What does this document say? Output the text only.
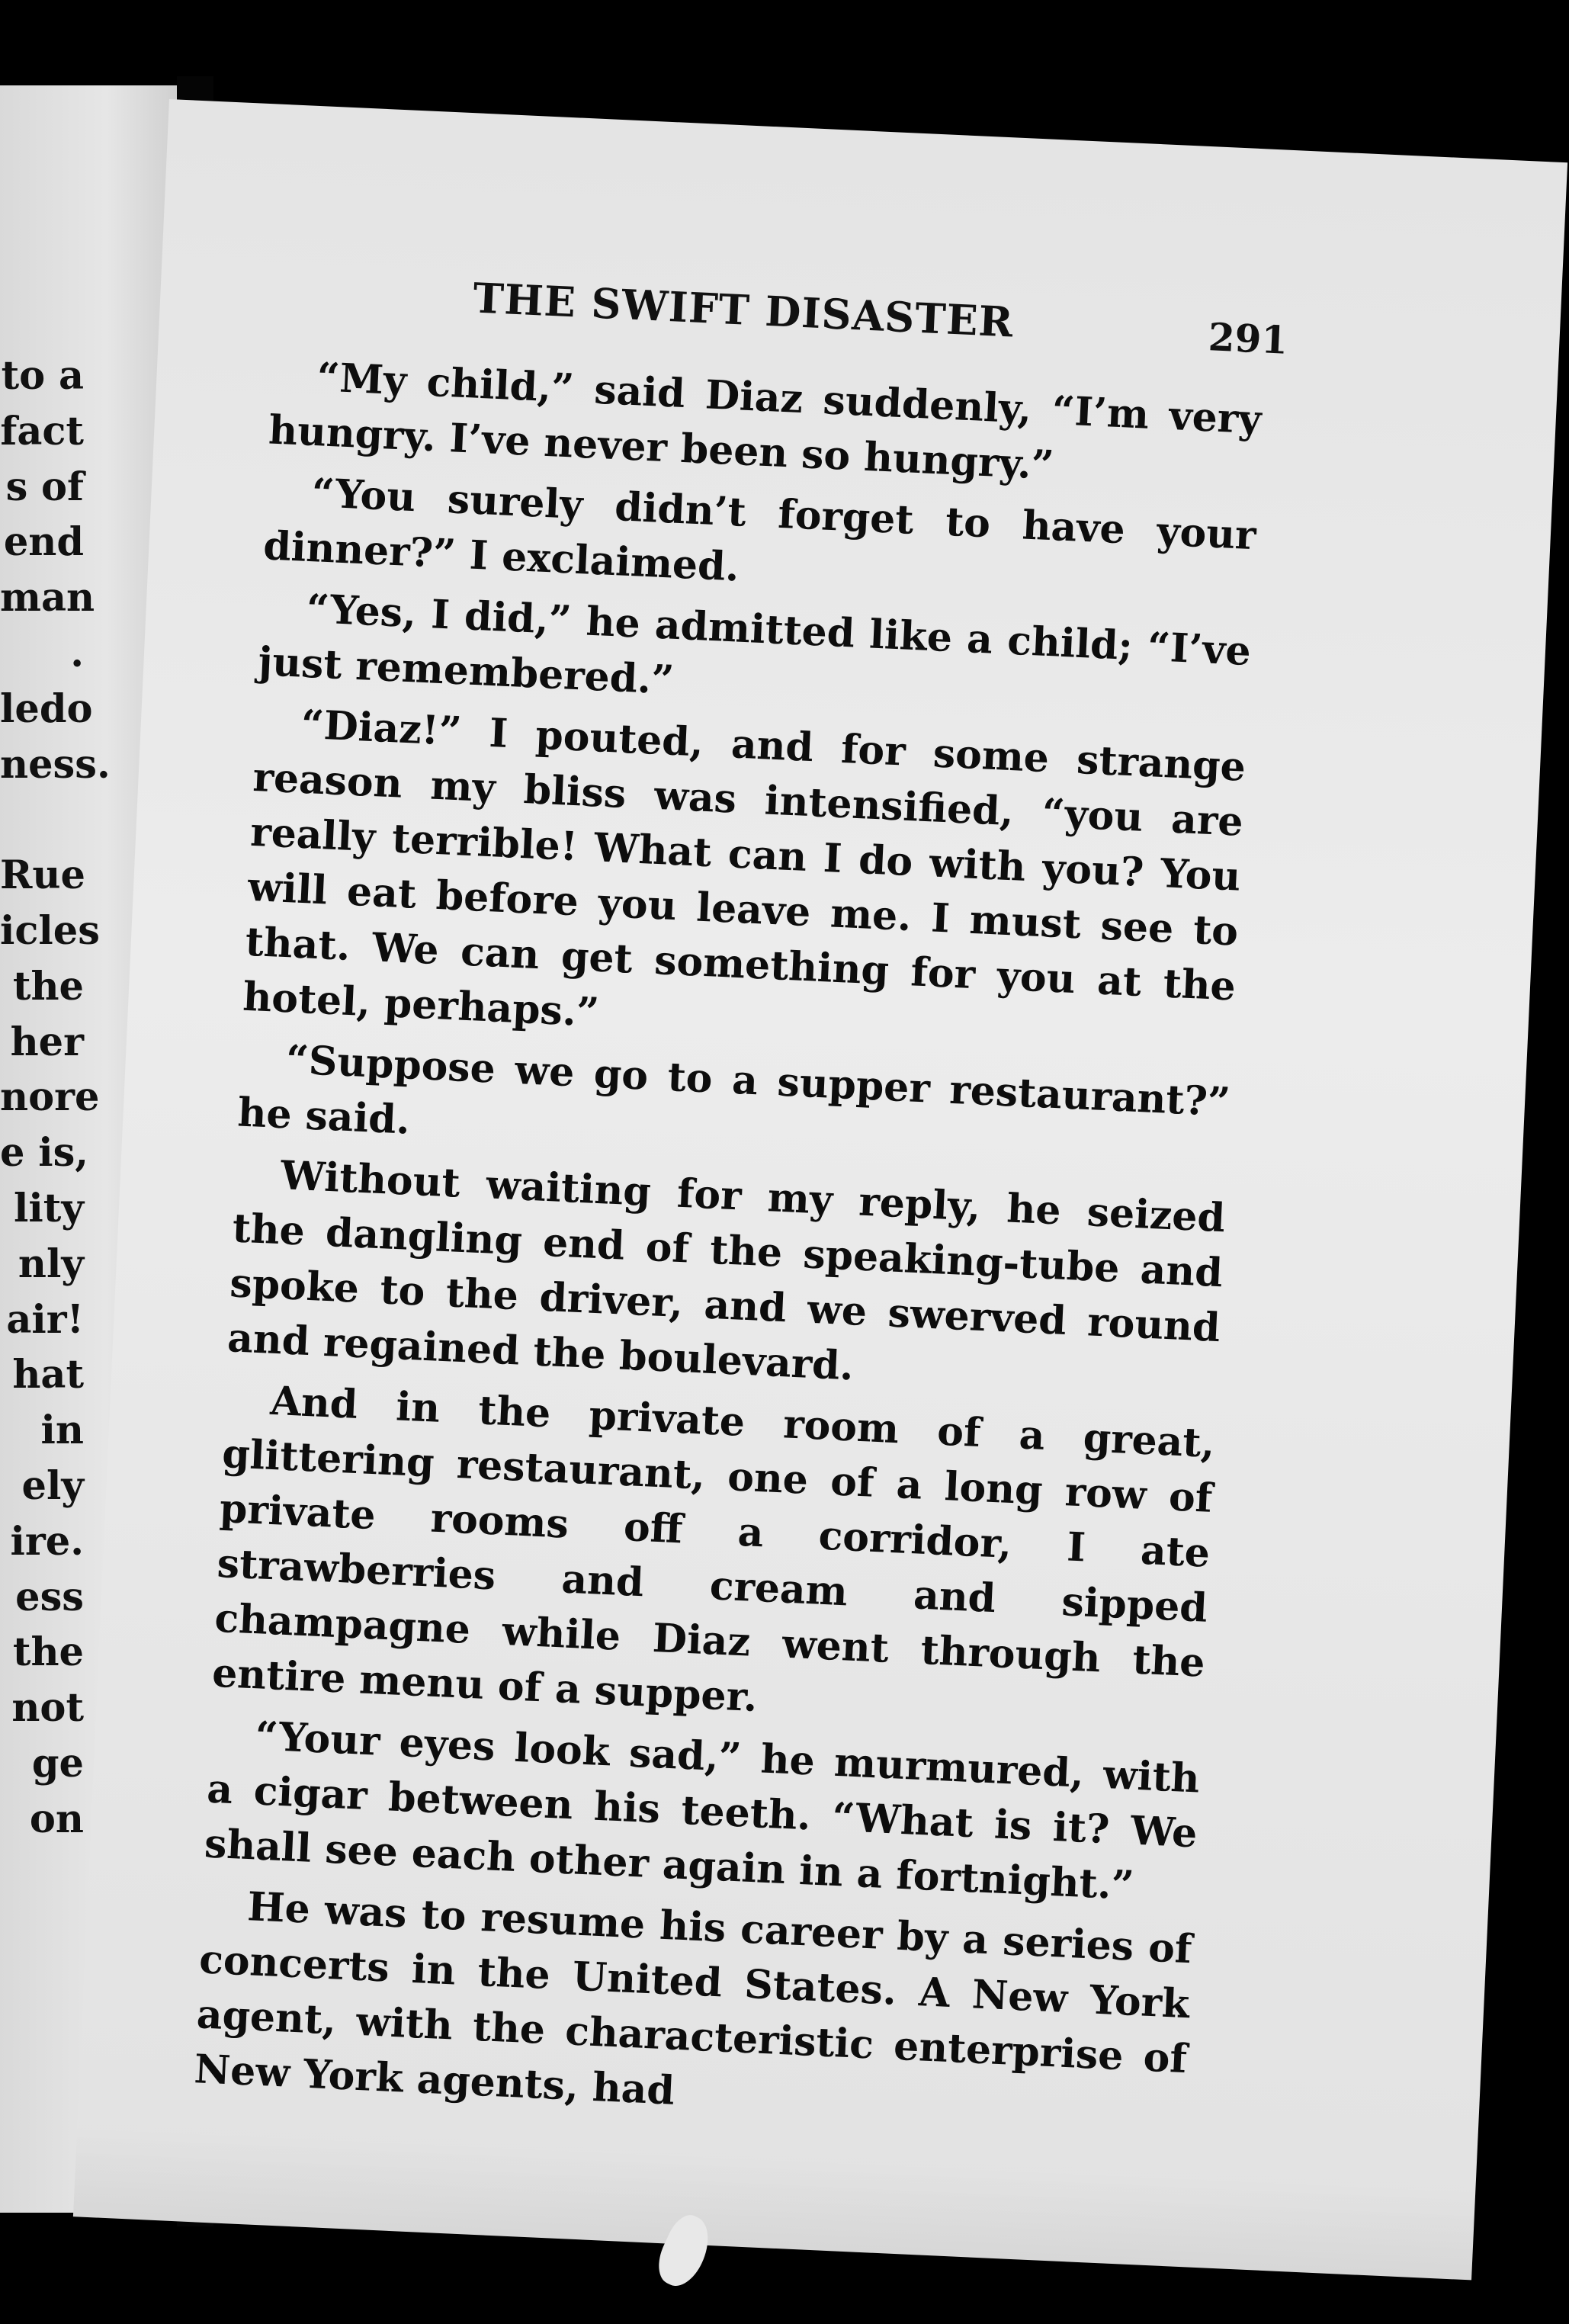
to a
fact
s of
end
man
.
ledo
ness.
Rue
icles
the
her
nore
e is,
lity
nly
air!
hat
in
ely
ire.
ess
the
not
ge
on
THE SWIFT DISASTER	291

“My child,” said Diaz suddenly, “I’m very hungry. I’ve never been so hungry.”

“You surely didn’t forget to have your dinner?” I exclaimed.

“Yes, I did,” he admitted like a child; “I’ve just remembered.”

“Diaz!” I pouted, and for some strange reason my bliss was intensified, “you are really terrible! What can I do with you? You will eat before you leave me. I must see to that. We can get something for you at the hotel, perhaps.”

“Suppose we go to a supper restaurant?” he said.

Without waiting for my reply, he seized the dangling end of the speaking-tube and spoke to the driver, and we swerved round and regained the boulevard.

And in the private room of a great, glittering restaurant, one of a long row of private rooms off a corridor, I ate strawberries and cream and sipped champagne while Diaz went through the entire menu of a supper.

“Your eyes look sad,” he murmured, with a cigar between his teeth. “What is it? We shall see each other again in a fortnight.”

He was to resume his career by a series of concerts in the United States. A New York agent, with the characteristic enterprise of New York agents, had
